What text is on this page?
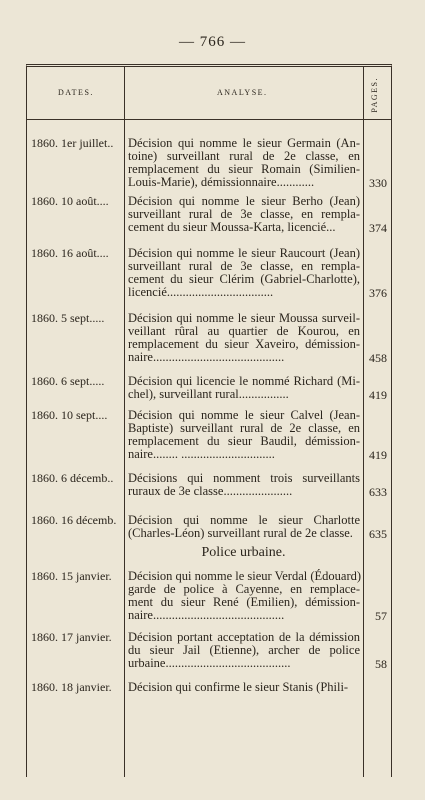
— 766 —
DATES.	ANALYSE.	PAGES.
Police urbaine.
1860. 1er juillet.. Décision qui nomme le sieur Germain (An-
toine) surveillant rural de 2e classe, en
remplacement du sieur Romain (Similien-
Louis-Marie), démissionnaire............	330
1860. 10 août.... Décision qui nomme le sieur Berho (Jean)
surveillant rural de 3e classe, en rempla-
cement du sieur Moussa-Karta, licencié...	374
1860. 16 août.... Décision qui nomme le sieur Raucourt (Jean)
surveillant rural de 3e classe, en rempla-
cement du sieur Clérim (Gabriel-Charlotte),
licencié..................................	376
1860. 5 sept..... Décision qui nomme le sieur Moussa surveil-
veillant rûral au quartier de Kourou, en
remplacement du sieur Xaveiro, démission-
naire..........................................	458
1860. 6 sept..... Décision qui licencie le nommé Richard (Mi-
chel), surveillant rural................	419
1860. 10 sept.... Décision qui nomme le sieur Calvel (Jean-
Baptiste) surveillant rural de 2e classe, en
remplacement du sieur Baudil, démission-
naire........ ..............................	419
1860. 6 décemb.. Décisions qui nomment trois surveillants
ruraux de 3e classe......................	633
1860. 16 décemb. Décision qui nomme le sieur Charlotte
(Charles-Léon) surveillant rural de 2e classe.	635
1860. 15 janvier. Décision qui nomme le sieur Verdal (Édouard)
garde de police à Cayenne, en remplace-
ment du sieur René (Emilien), démission-
naire..........................................	57
1860. 17 janvier. Décision portant acceptation de la démission
du sieur Jail (Etienne), archer de police
urbaine........................................	58
1860. 18 janvier. Décision qui confirme le sieur Stanis (Phili-
